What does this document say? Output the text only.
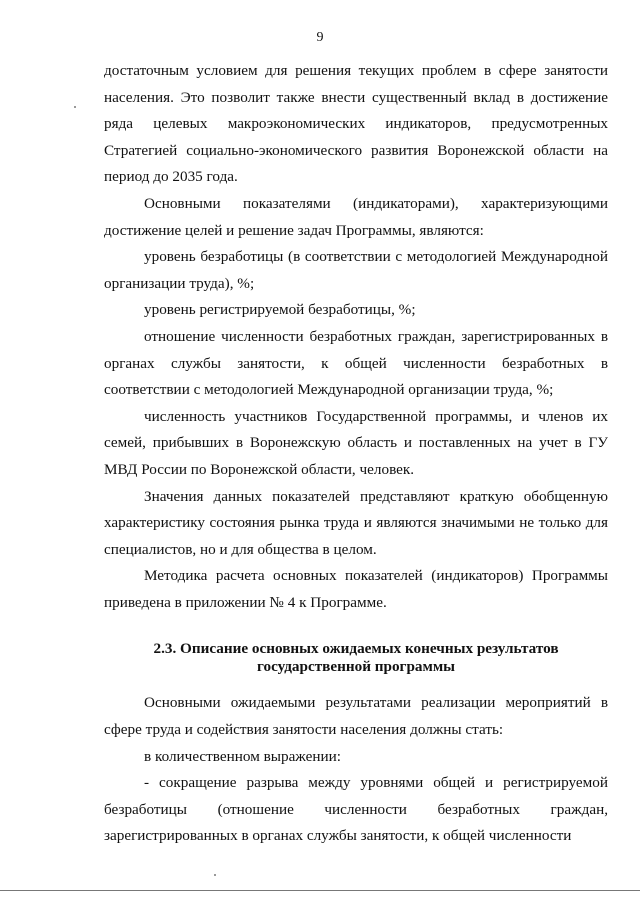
9

достаточным условием для решения текущих проблем в сфере занятости населения. Это позволит также внести существенный вклад в достижение ряда целевых макроэкономических индикаторов, предусмотренных Стратегией социально-экономического развития Воронежской области на период до 2035 года.

Основными показателями (индикаторами), характеризующими достижение целей и решение задач Программы, являются:

уровень безработицы (в соответствии с методологией Международной организации труда), %;

уровень регистрируемой безработицы, %;

отношение численности безработных граждан, зарегистрированных в органах службы занятости, к общей численности безработных в соответствии с методологией Международной организации труда, %;

численность участников Государственной программы, и членов их семей, прибывших в Воронежскую область и поставленных на учет в ГУ МВД России по Воронежской области, человек.

Значения данных показателей представляют краткую обобщенную характеристику состояния рынка труда и являются значимыми не только для специалистов, но и для общества в целом.

Методика расчета основных показателей (индикаторов) Программы приведена в приложении № 4 к Программе.

2.3. Описание основных ожидаемых конечных результатов
государственной программы

Основными ожидаемыми результатами реализации мероприятий в сфере труда и содействия занятости населения должны стать:

в количественном выражении:

- сокращение разрыва между уровнями общей и регистрируемой безработицы (отношение численности безработных граждан, зарегистрированных в органах службы занятости, к общей численности
